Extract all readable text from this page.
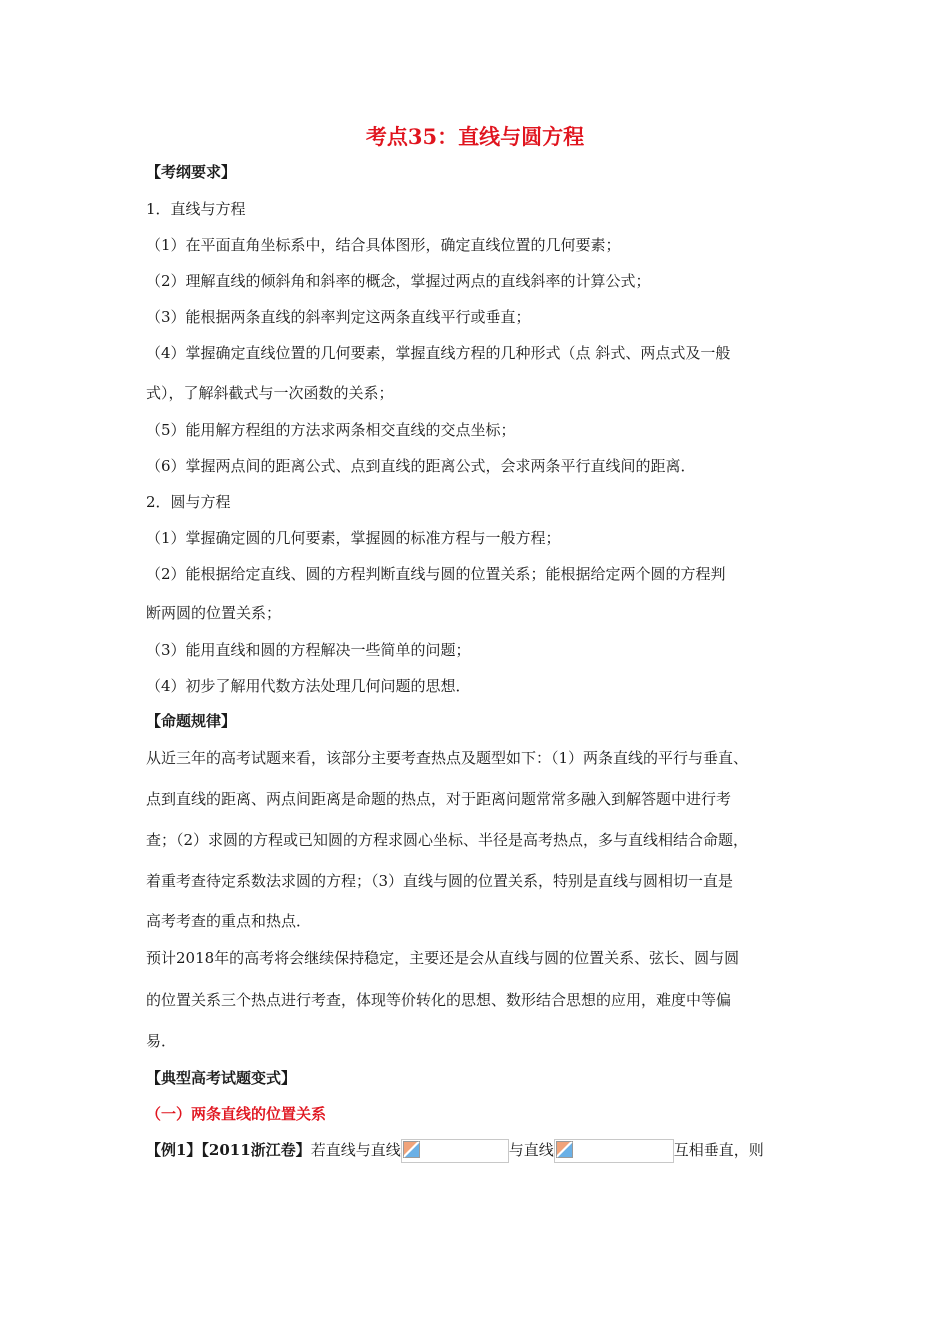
考点35：直线与圆方程
【考纲要求】
1．直线与方程
（1）在平面直角坐标系中，结合具体图形，确定直线位置的几何要素；
（2）理解直线的倾斜角和斜率的概念，掌握过两点的直线斜率的计算公式；
（3）能根据两条直线的斜率判定这两条直线平行或垂直；
（4）掌握确定直线位置的几何要素，掌握直线方程的几种形式（点 斜式、两点式及一般
式），了解斜截式与一次函数的关系；
（5）能用解方程组的方法求两条相交直线的交点坐标；
（6）掌握两点间的距离公式、点到直线的距离公式，会求两条平行直线间的距离．
2．圆与方程
（1）掌握确定圆的几何要素，掌握圆的标准方程与一般方程；
（2）能根据给定直线、圆的方程判断直线与圆的位置关系；能根据给定两个圆的方程判
断两圆的位置关系；
（3）能用直线和圆的方程解决一些简单的问题；
（4）初步了解用代数方法处理几何问题的思想．
【命题规律】
从近三年的高考试题来看，该部分主要考查热点及题型如下：（1）两条直线的平行与垂直、
点到直线的距离、两点间距离是命题的热点，对于距离问题常常多融入到解答题中进行考
查；（2）求圆的方程或已知圆的方程求圆心坐标、半径是高考热点，多与直线相结合命题，
着重考查待定系数法求圆的方程；（3）直线与圆的位置关系，特别是直线与圆相切一直是
高考考查的重点和热点．
预计2018年的高考将会继续保持稳定，主要还是会从直线与圆的位置关系、弦长、圆与圆
的位置关系三个热点进行考查，体现等价转化的思想、数形结合思想的应用，难度中等偏
易．
【典型高考试题变式】
（一）两条直线的位置关系
【例1】【2011浙江卷】若直线与直线	与直线	互相垂直，则
